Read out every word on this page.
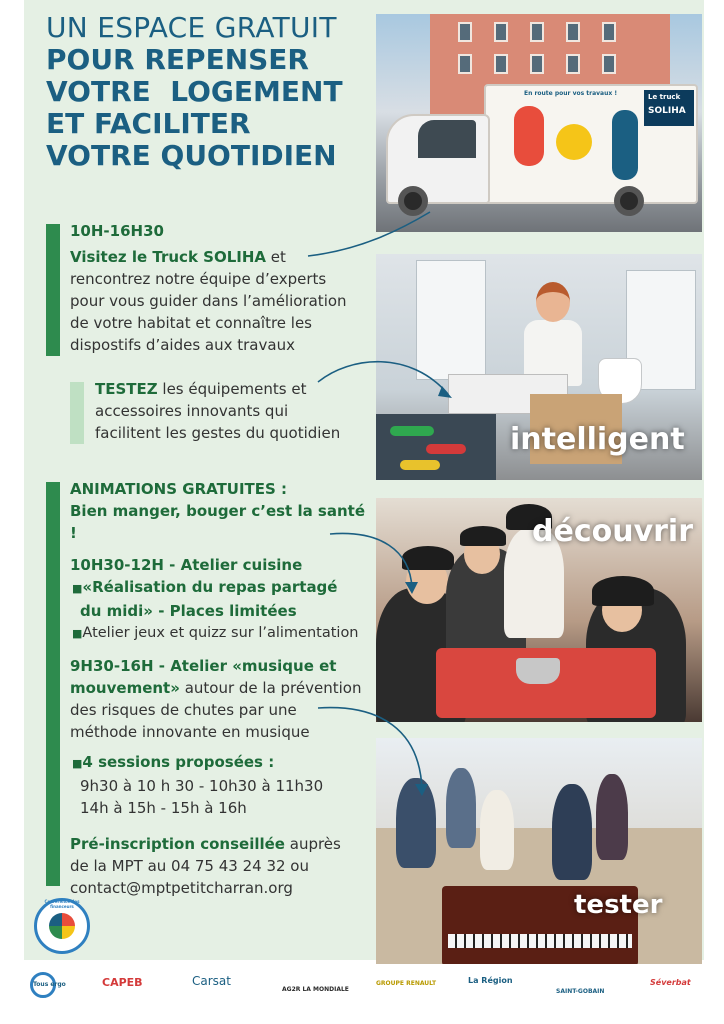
UN ESPACE GRATUIT
POUR REPENSER
VOTRE  LOGEMENT
ET FACILITER
VOTRE QUOTIDIEN
10H-16H30
Visitez le Truck SOLIHA et
rencontrez notre équipe d’experts
pour vous guider dans l’amélioration
de votre habitat et connaître les
dispostifs d’aides aux travaux
TESTEZ les équipements et
accessoires innovants qui
facilitent les gestes du quotidien
ANIMATIONS GRATUITES :
Bien manger, bouger c’est la santé !
10H30-12H - Atelier cuisine
■«Réalisation du repas partagé
du midi» - Places limitées
■Atelier jeux et quizz sur l’alimentation
9H30-16H - Atelier «musique et
mouvement» autour de la prévention
des risques de chutes par une
méthode innovante en musique
■4 sessions proposées :
9h30 à 10 h 30 - 10h30 à 11h30
14h à 15h - 15h à 16h
Pré-inscription conseillée auprès
de la MPT au 04 75 43 24 32 ou
contact@mptpetitcharran.org
Le truck
SOLIHA
En route pour vos travaux !
intelligent
découvrir
tester
Conférence des financeurs
Tous ergo	CAPEB	Carsat
AG2R LA MONDIALE
GROUPE RENAULT	La Région
SAINT-GOBAIN
Séverbat
